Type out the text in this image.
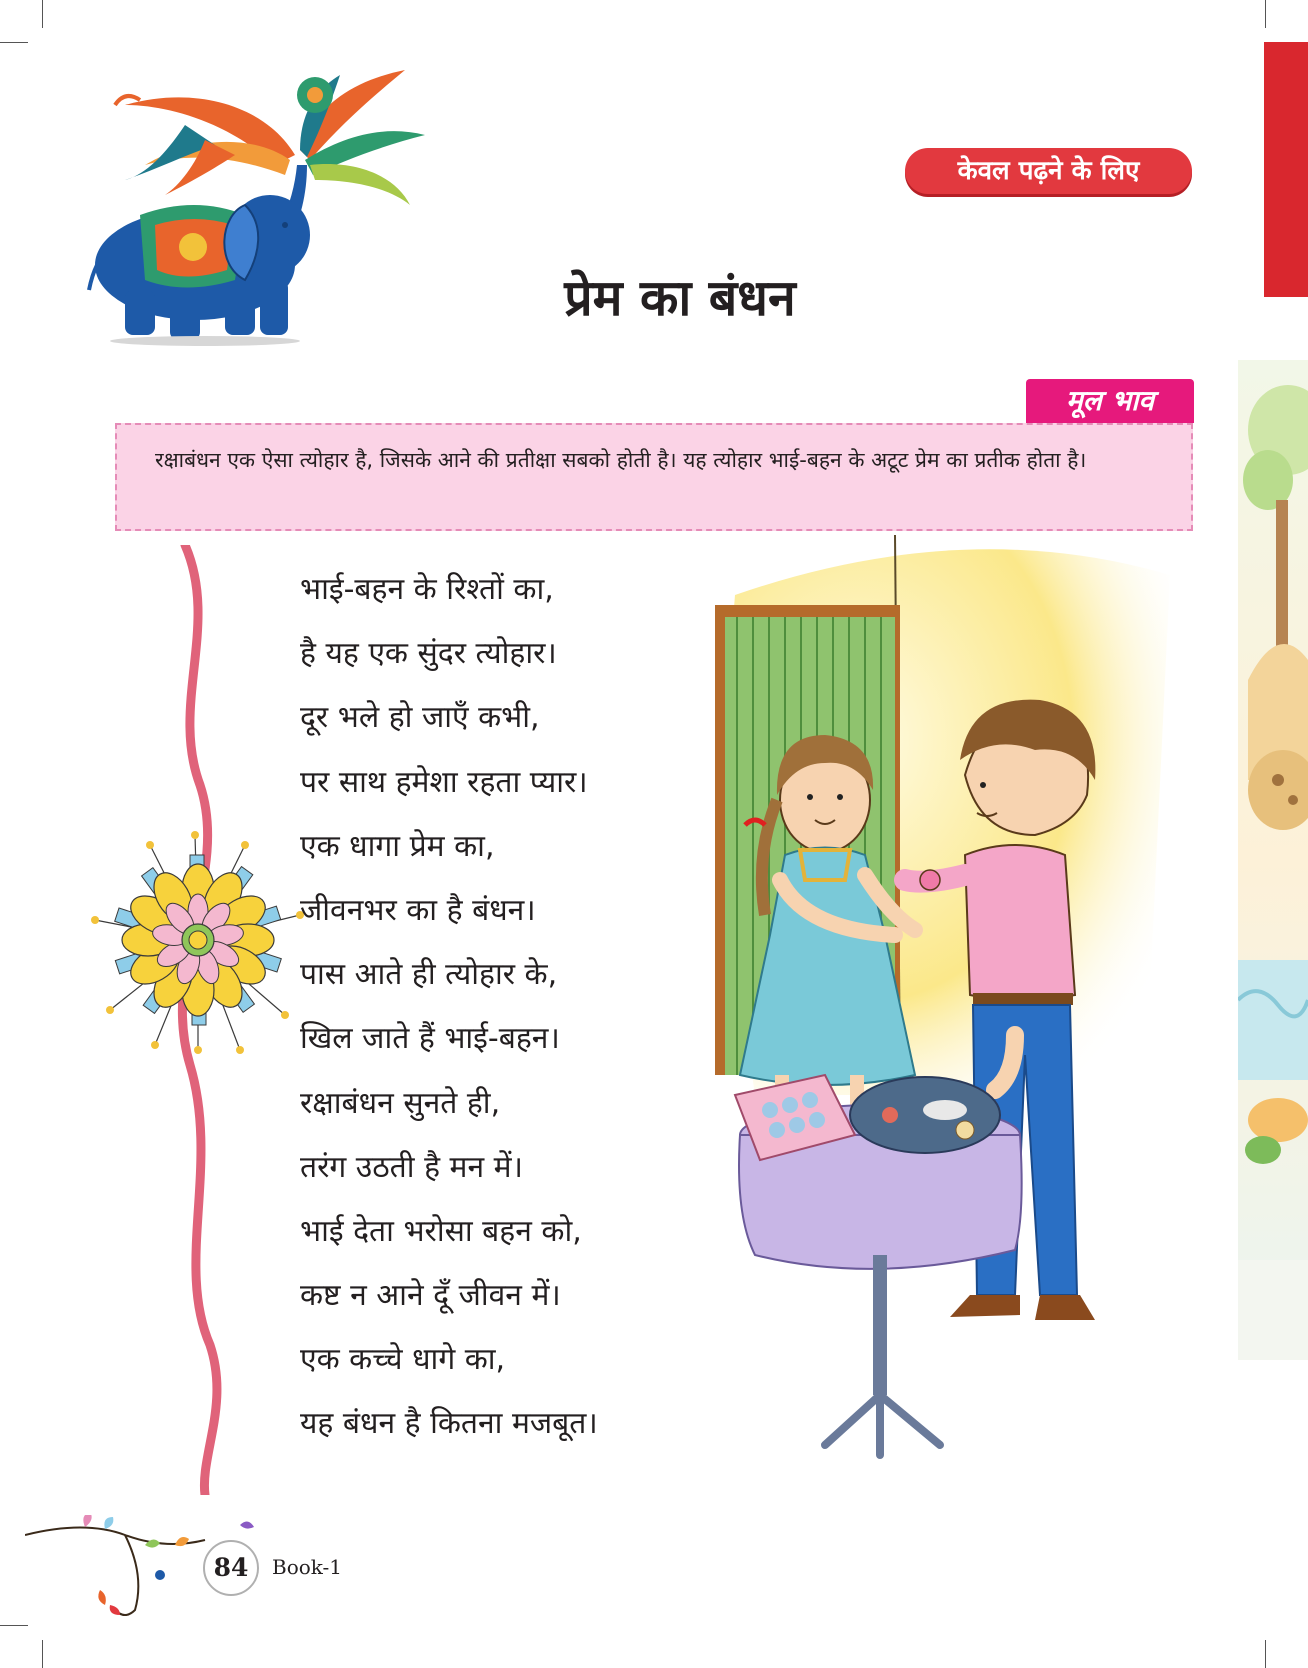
केवल पढ़ने के लिए
प्रेम का बंधन
मूल भाव
रक्षाबंधन एक ऐसा त्योहार है, जिसके आने की प्रतीक्षा सबको होती है। यह त्योहार भाई-बहन के अटूट प्रेम का प्रतीक होता है।
भाई-बहन के रिश्तों का,
है यह एक सुंदर त्योहार।
दूर भले हो जाएँ कभी,
पर साथ हमेशा रहता प्यार।
एक धागा प्रेम का,
जीवनभर का है बंधन।
पास आते ही त्योहार के,
खिल जाते हैं भाई-बहन।
रक्षाबंधन सुनते ही,
तरंग उठती है मन में।
भाई देता भरोसा बहन को,
कष्ट न आने दूँ जीवन में।
एक कच्चे धागे का,
यह बंधन है कितना मजबूत।
84	Book-1
